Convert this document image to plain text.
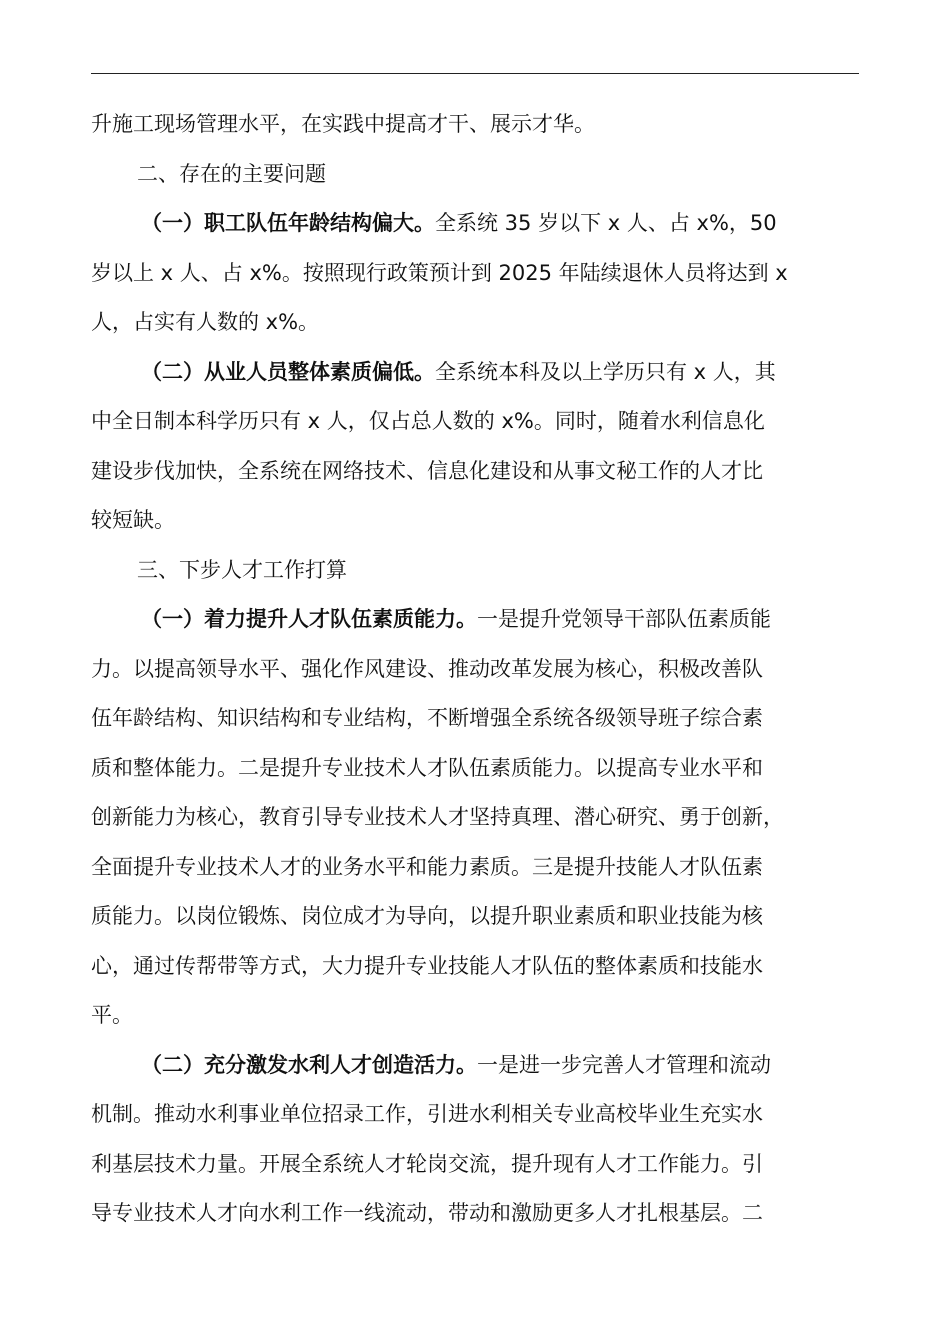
升施工现场管理水平，在实践中提高才干、展示才华。
二、存在的主要问题
（一）职工队伍年龄结构偏大。全系统 35 岁以下 x 人、占 x%，50
岁以上 x 人、占 x%。按照现行政策预计到 2025 年陆续退休人员将达到 x
人，占实有人数的 x%。
（二）从业人员整体素质偏低。全系统本科及以上学历只有 x 人，其
中全日制本科学历只有 x 人，仅占总人数的 x%。同时，随着水利信息化
建设步伐加快，全系统在网络技术、信息化建设和从事文秘工作的人才比
较短缺。
三、下步人才工作打算
（一）着力提升人才队伍素质能力。一是提升党领导干部队伍素质能
力。以提高领导水平、强化作风建设、推动改革发展为核心，积极改善队
伍年龄结构、知识结构和专业结构，不断增强全系统各级领导班子综合素
质和整体能力。二是提升专业技术人才队伍素质能力。以提高专业水平和
创新能力为核心，教育引导专业技术人才坚持真理、潜心研究、勇于创新，
全面提升专业技术人才的业务水平和能力素质。三是提升技能人才队伍素
质能力。以岗位锻炼、岗位成才为导向，以提升职业素质和职业技能为核
心，通过传帮带等方式，大力提升专业技能人才队伍的整体素质和技能水
平。
（二）充分激发水利人才创造活力。一是进一步完善人才管理和流动
机制。推动水利事业单位招录工作，引进水利相关专业高校毕业生充实水
利基层技术力量。开展全系统人才轮岗交流，提升现有人才工作能力。引
导专业技术人才向水利工作一线流动，带动和激励更多人才扎根基层。二
